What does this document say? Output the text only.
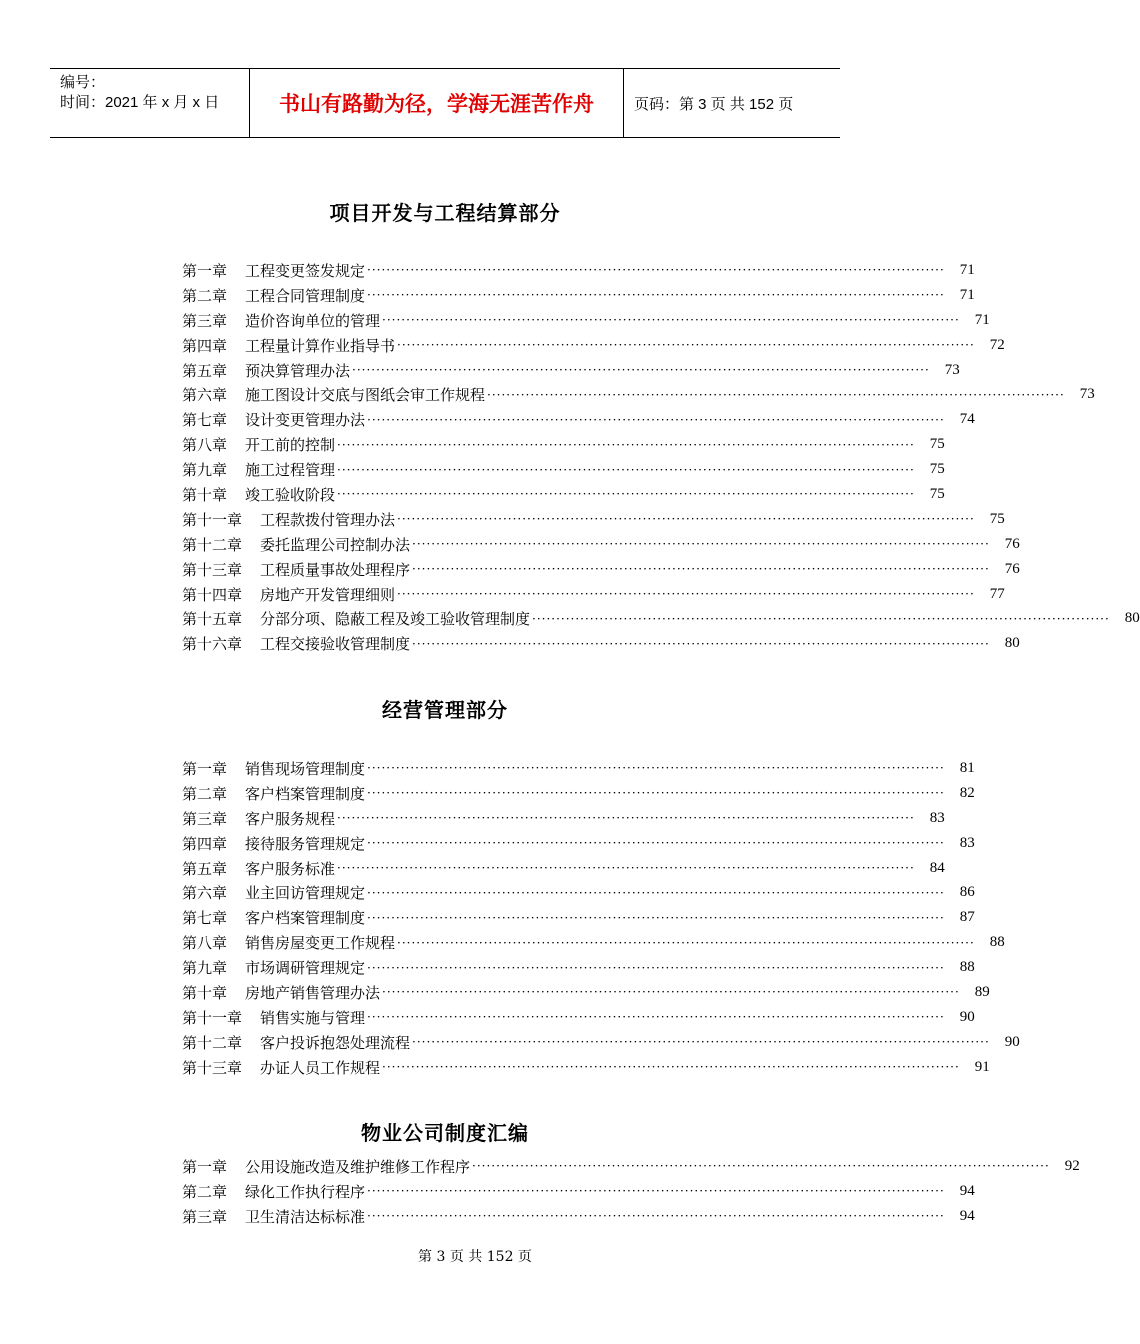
编号：
时间：2021 年 x 月 x 日	书山有路勤为径，学海无涯苦作舟	页码：第 3 页 共 152 页
项目开发与工程结算部分
第一章 工程变更签发规定 ························································································································	71
第二章 工程合同管理制度 ························································································································	71
第三章 造价咨询单位的管理 ························································································································	71
第四章 工程量计算作业指导书 ························································································································	72
第五章 预决算管理办法 ························································································································	73
第六章 施工图设计交底与图纸会审工作规程 ························································································································	73
第七章 设计变更管理办法 ························································································································	74
第八章 开工前的控制 ························································································································	75
第九章 施工过程管理 ························································································································	75
第十章 竣工验收阶段 ························································································································	75
第十一章 工程款拨付管理办法 ························································································································	75
第十二章 委托监理公司控制办法 ························································································································	76
第十三章 工程质量事故处理程序 ························································································································	76
第十四章 房地产开发管理细则 ························································································································	77
第十五章 分部分项、隐蔽工程及竣工验收管理制度 ························································································································	80
第十六章 工程交接验收管理制度 ························································································································	80
经营管理部分
第一章 销售现场管理制度 ························································································································	81
第二章 客户档案管理制度 ························································································································	82
第三章 客户服务规程 ························································································································	83
第四章 接待服务管理规定 ························································································································	83
第五章 客户服务标准 ························································································································	84
第六章 业主回访管理规定 ························································································································	86
第七章 客户档案管理制度 ························································································································	87
第八章 销售房屋变更工作规程 ························································································································	88
第九章 市场调研管理规定 ························································································································	88
第十章 房地产销售管理办法 ························································································································	89
第十一章 销售实施与管理 ························································································································	90
第十二章 客户投诉抱怨处理流程 ························································································································	90
第十三章 办证人员工作规程 ························································································································	91
物业公司制度汇编
第一章 公用设施改造及维护维修工作程序 ························································································································	92
第二章 绿化工作执行程序 ························································································································	94
第三章 卫生清洁达标标准 ························································································································	94
第 3 页 共 152 页
